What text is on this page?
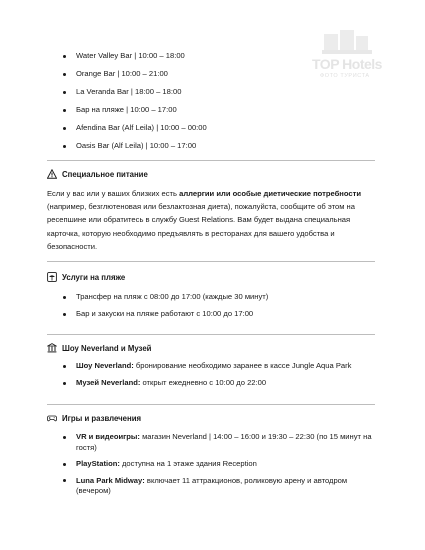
TOP Hotels
ФОТО ТУРИСТА
Water Valley Bar | 10:00 – 18:00
Orange Bar | 10:00 – 21:00
La Veranda Bar | 18:00 – 18:00
Бар на пляже | 10:00 – 17:00
Afendina Bar (Alf Leila) | 10:00 – 00:00
Oasis Bar (Alf Leila) | 10:00 – 17:00
Специальное питание
Если у вас или у ваших близких есть аллергии или особые диетические потребности (например, безглютеновая или безлактозная диета), пожалуйста, сообщите об этом на ресепшине или обратитесь в службу Guest Relations. Вам будет выдана специальная карточка, которую необходимо предъявлять в ресторанах для вашего удобства и безопасности.
Услуги на пляже
Трансфер на пляж с 08:00 до 17:00 (каждые 30 минут)
Бар и закуски на пляже работают с 10:00 до 17:00
Шоу Neverland и Музей
Шоу Neverland: бронирование необходимо заранее в кассе Jungle Aqua Park
Музей Neverland: открыт ежедневно с 10:00 до 22:00
Игры и развлечения
VR и видеоигры: магазин Neverland | 14:00 – 16:00 и 19:30 – 22:30 (по 15 минут на гостя)
PlayStation: доступна на 1 этаже здания Reception
Luna Park Midway: включает 11 аттракционов, роликовую арену и автодром (вечером)
